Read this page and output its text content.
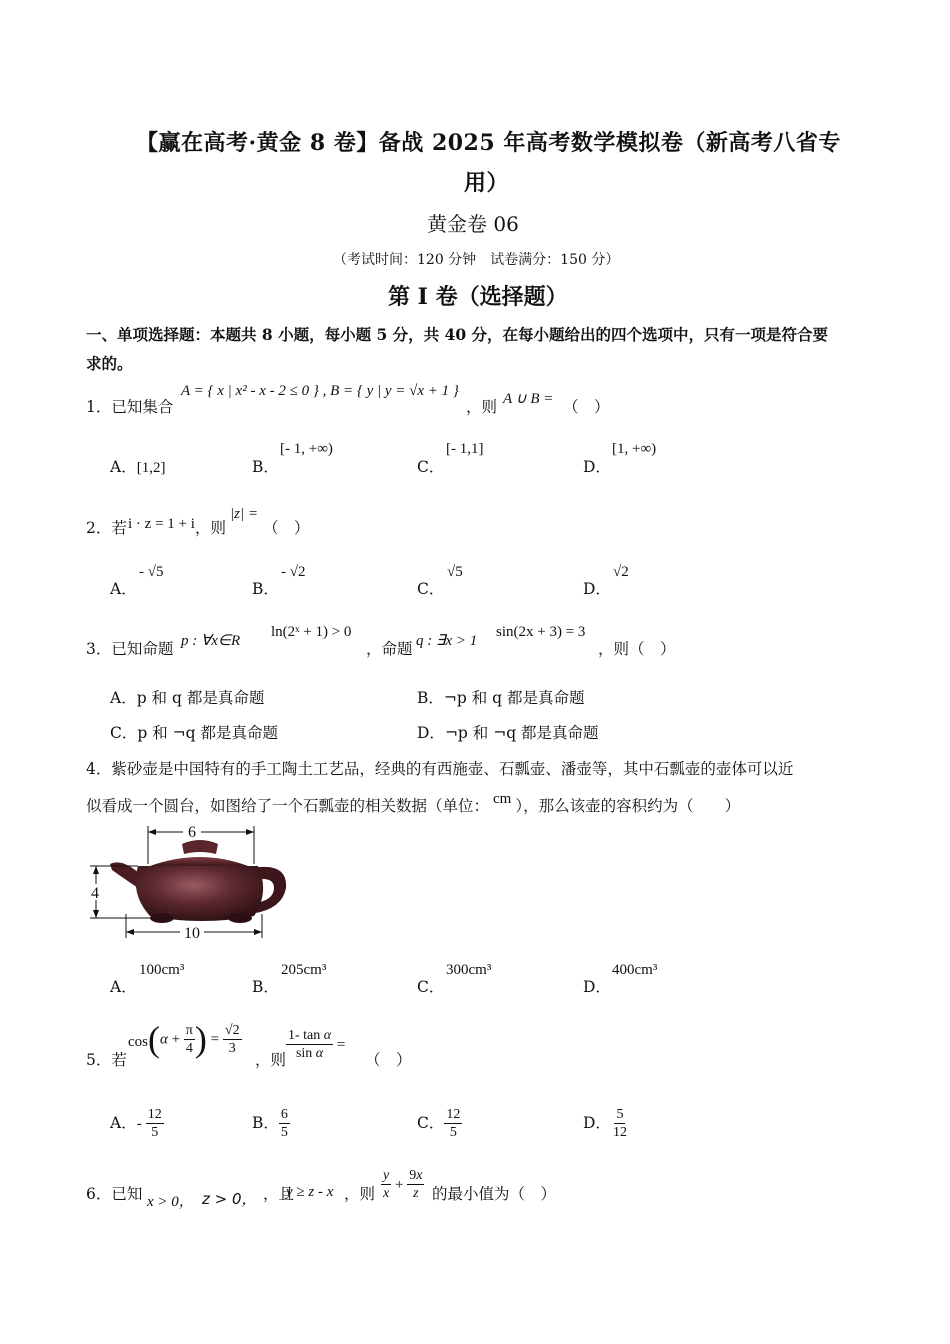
【赢在高考·黄金 8 卷】备战 2025 年高考数学模拟卷（新高考八省专
用）
黄金卷 06
（考试时间：120 分钟　试卷满分：150 分）
第 I 卷（选择题）
一、单项选择题：本题共 8 小题，每小题 5 分，共 40 分，在每小题给出的四个选项中，只有一项是符合要
求的。
1．已知集合
A = { x | x² - x - 2 ≤ 0 } , B = { y | y = √x + 1 }
，则 A ∪ B = （　）
A．[1,2]	B．
[- 1, +∞)
C．
[- 1,1]
D．
[1, +∞)
2．若 i · z = 1 + i ，则
|z| =
（　）
A．
- √5
B．
- √2
C．
√5
D．
√2
3．已知命题 p : ∀x∈R
ln(2ˣ + 1) > 0
，命题 q : ∃x > 1
sin(2x + 3) = 3
，则（　）
A．p 和 q 都是真命题	B．¬p 和 q 都是真命题
C．p 和 ¬q 都是真命题	D．¬p 和 ¬q 都是真命题
4．紫砂壶是中国特有的手工陶土工艺品，经典的有西施壶、石瓢壶、潘壶等，其中石瓢壶的壶体可以近
似看成一个圆台，如图给了一个石瓢壶的相关数据（单位： cm ），那么该壶的容积约为（　　）
6
4
10
A．
100cm³
B．
205cm³
C．
300cm³
D．
400cm³
5．若
$\cos(\alpha + \frac{\pi}{4}$ ) = $\frac{√2}{3}$
，则 $\frac{\text{1- tan α}}{\text{sin α}}$ =
（　）
A．- $\frac{12}{5}$	B． $\frac{6}{5}$	C． $\frac{12}{5}$	D． $\frac{5}{12}$
6．已知 x > 0， z > 0， ，且
y ≥ z - x ，则 $\frac{y}{x} + \frac{9x}{z}$ 的最小值为（　）
